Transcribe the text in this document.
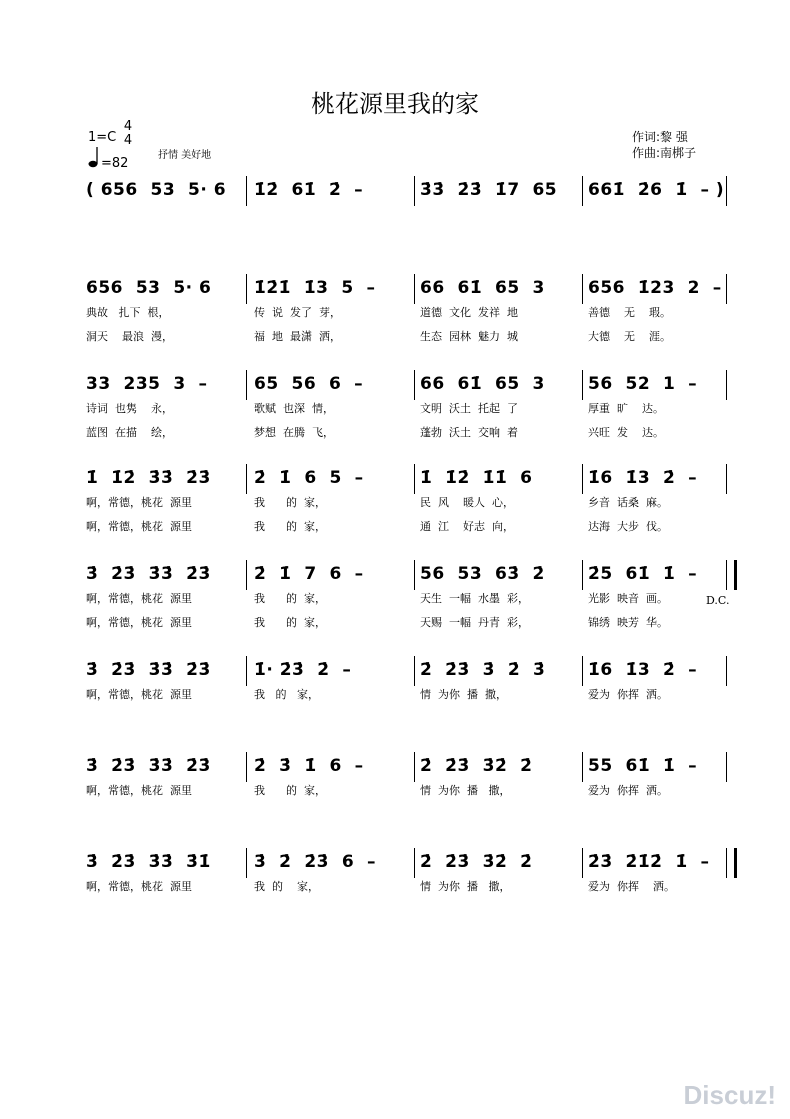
桃花源里我的家
1=C
4
4
=82
抒情 美好地
作词:黎 强
作曲:南梆子
( 656  53  5· 6 1̇2̇  61̇  2̇  –	3̇3̇  2̇3̇  1̇7  65 661̇  2̇6  1̇  – )
656  53  5· 6	1̇2̇1̇  1̇3  5  –	66  61̇  65  3	656  1̇23  2  –
典故   扎下  根，	传  说  发了  芽，	道德  文化  发祥  地	善德    无    瑕。
洞天    最浪  漫，	福  地  最潇  洒，	生态  园林  魅力  城	大德    无    涯。
33  235  3  –	65  56  6  –	66  61̇  65  3	56  52  1  –
诗词  也隽    永，	歌赋  也深  情，	文明  沃土  托起  了	厚重  旷    达。
蓝图  在描    绘，	梦想  在腾  飞，	蓬勃  沃土  交响  着	兴旺  发    达。
1̇  1̇2̇  3̇3̇  2̇3̇	2̇  1̇  6  5  –	1̇  1̇2̇  1̇1̇  6	1̇6  1̇3  2̇  –
啊，常德，桃花  源里	我      的  家，	民  风    暖人  心，	乡音  话桑  麻。
啊，常德，桃花  源里	我      的  家，	通  江    好志  向，	达海  大步  伐。
3̇  2̇3̇  3̇3̇  2̇3̇	2̇  1̇  7  6  –	56  53  63̇  2̇	2̇5  61̇  1̇  –
啊，常德，桃花  源里	我      的  家，	天生  一幅  水墨  彩，	光影  映音  画。
啊，常德，桃花  源里	我      的  家，	天赐  一幅  丹青  彩，	锦绣  映芳  华。
3̇  2̇3̇  3̇3̇  2̇3̇	1̇· 2̇3̇  2̇  –	2̇  2̇3̇  3̇  2̇  3̇	1̇6  1̇3  2̇  –
啊，常德，桃花  源里	我   的   家，	情  为你  播  撒，	爱为  你挥  洒。
3̇  2̇3̇  3̇3̇  2̇3̇	2̇  3̇  1̇  6  –	2̇  2̇3̇  3̇2̇  2̇	55  61̇  1̇  –
啊，常德，桃花  源里	我      的  家，	情  为你  播   撒，	爱为  你挥  洒。
3̇  2̇3̇  3̇3̇  3̇1̇	3̇  2̇  2̇3̇  6  –	2̇  2̇3̇  3̇2̇  2̇	2̇3̇  2̇1̇2̇  1̇  –
啊，常德，桃花  源里	我  的    家，	情  为你  播   撒，	爱为  你挥    洒。
D.C.
Discuz!
